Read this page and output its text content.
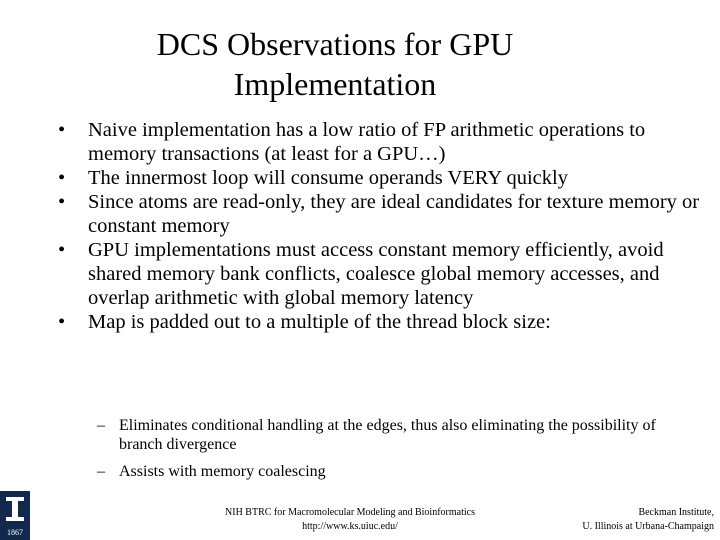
DCS Observations for GPU
Implementation
• Naive implementation has a low ratio of FP arithmetic operations to memory transactions (at least for a GPU…)
• The innermost loop will consume operands VERY quickly
• Since atoms are read-only, they are ideal candidates for texture memory or constant memory
• GPU implementations must access constant memory efficiently, avoid shared memory bank conflicts, coalesce global memory accesses, and overlap arithmetic with global memory latency
• Map is padded out to a multiple of the thread block size:
– Eliminates conditional handling at the edges, thus also eliminating the possibility of branch divergence
– Assists with memory coalescing
1867
NIH BTRC for Macromolecular Modeling and Bioinformatics
http://www.ks.uiuc.edu/
Beckman Institute,
U. Illinois at Urbana-Champaign
